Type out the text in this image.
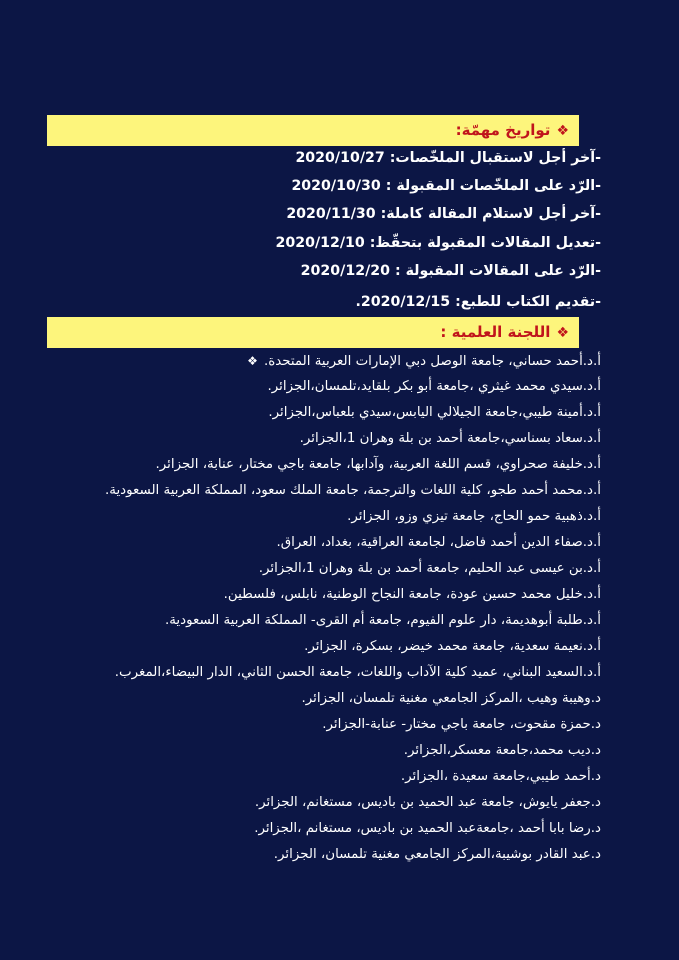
❖تواريخ مهمّة:
-آخر أجل لاستقبال الملخّصات: 2020/10/27
-الرّد على الملخّصات المقبولة : 2020/10/30
-آخر أجل لاستلام المقالة كاملة: 2020/11/30
-تعديل المقالات المقبولة بتحقّظ: 2020/12/10
-الرّد على المقالات المقبولة : 2020/12/20
-تقديم الكتاب للطبع: 2020/12/15.
❖اللجنة العلمية :
أ.د.أحمد حساني، جامعة الوصل دبي الإمارات العربية المتحدة.❖
أ.د.سيدي محمد غيثري ،جامعة أبو بكر بلقايد،تلمسان،الجزائر.
أ.د.أمينة طيبي،جامعة الجيلالي اليابس،سيدي بلعباس،الجزائر.
أ.د.سعاد بسناسي،جامعة أحمد بن بلة وهران 1،الجزائر.
أ.د.خليفة صحراوي، قسم اللغة العربية، وآدابها، جامعة باجي مختار، عنابة، الجزائر.
أ.د.محمد أحمد طجو، كلية اللغات والترجمة، جامعة الملك سعود، المملكة العربية السعودية.
أ.د.ذهبية حمو الحاج، جامعة تيزي وزو، الجزائر.
أ.د.صفاء الدين أحمد فاضل، لجامعة العراقية، بغداد، العراق.
أ.د.بن عيسى عبد الحليم، جامعة أحمد بن بلة وهران 1،الجزائر.
أ.د.خليل محمد حسين عودة، جامعة النجاح الوطنية، نابلس، فلسطين.
أ.د.طلبة أبوهديمة، دار علوم الفيوم، جامعة أم القرى- المملكة العربية السعودية.
أ.د.نعيمة سعدية، جامعة محمد خيضر، بسكرة، الجزائر.
أ.د.السعيد البناني، عميد كلية الآداب واللغات، جامعة الحسن الثاني، الدار البيضاء،المغرب.
د.وهيبة وهيب ،المركز الجامعي مغنية تلمسان، الجزائر.
د.حمزة مقحوت، جامعة باجي مختار- عنابة-الجزائر.
د.ديب محمد،جامعة معسكر،الجزائر.
د.أحمد طيبي،جامعة سعيدة ،الجزائر.
د.جعفر يايوش، جامعة عبد الحميد بن باديس، مستغانم، الجزائر.
د.رضا بابا أحمد ،جامعةعبد الحميد بن باديس، مستغانم ،الجزائر.
د.عبد القادر بوشيبة،المركز الجامعي مغنية تلمسان، الجزائر.
